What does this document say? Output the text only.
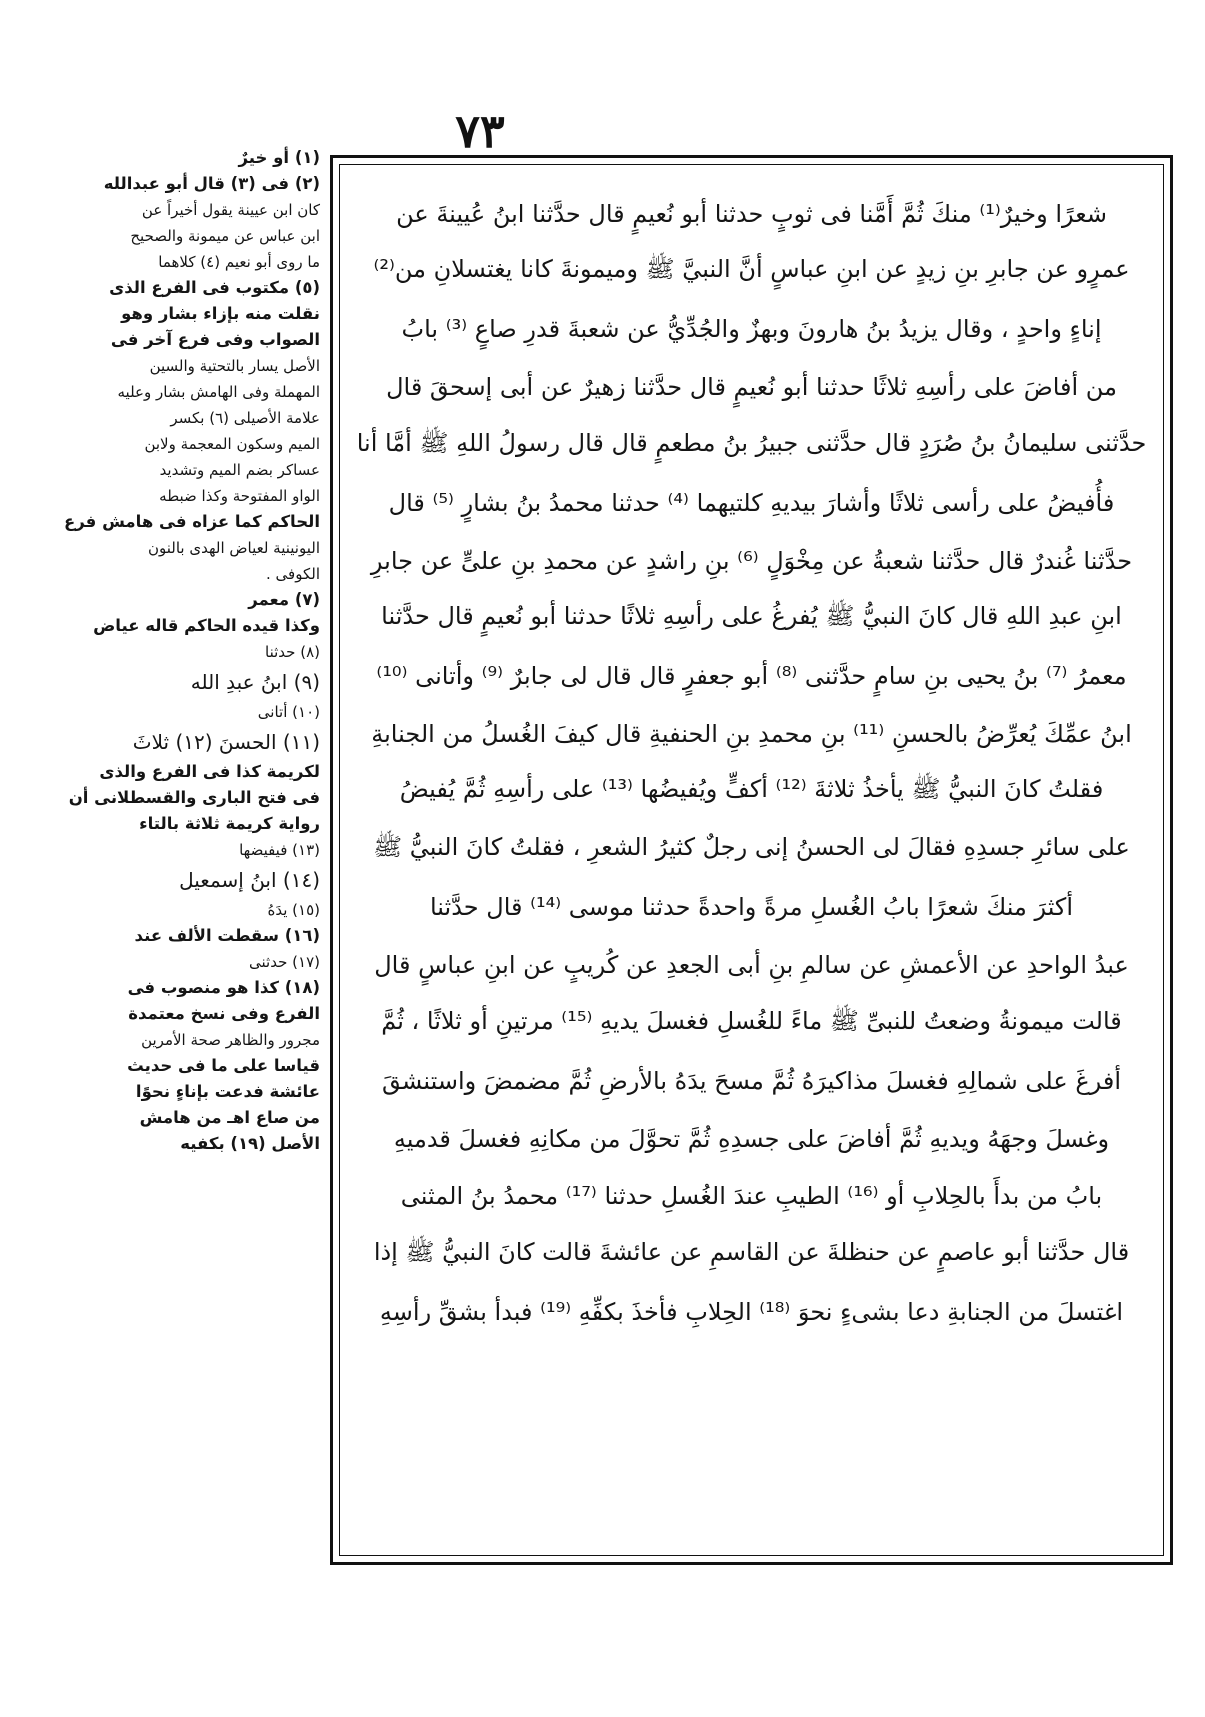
٧٣
شعرًا وخيرٌ⁽¹⁾ منكَ ثُمَّ أَمَّنا فى ثوبٍ حدثنا أبو نُعيمٍ قال حدَّثنا ابنُ عُيينةَ عن
عمرٍو عن جابرِ بنِ زيدٍ عن ابنِ عباسٍ أنَّ النبيَّ ﷺ وميمونةَ كانا يغتسلانِ من⁽²⁾
إناءٍ واحدٍ ، وقال يزيدُ بنُ هارونَ وبهزٌ والجُدِّيُّ عن شعبةَ قدرِ صاعٍ ⁽³⁾ بابُ
من أفاضَ على رأسِهِ ثلاثًا حدثنا أبو نُعيمٍ قال حدَّثنا زهيرٌ عن أبى إسحقَ قال
حدَّثنى سليمانُ بنُ صُرَدٍ قال حدَّثنى جبيرُ بنُ مطعمٍ قال قال رسولُ اللهِ ﷺ أمَّا أنا
فأُفيضُ على رأسى ثلاثًا وأشارَ بيديهِ كلتيهما ⁽⁴⁾ حدثنا محمدُ بنُ بشارٍ ⁽⁵⁾ قال
حدَّثنا غُندرٌ قال حدَّثنا شعبةُ عن مِخْوَلٍ ⁽⁶⁾ بنِ راشدٍ عن محمدِ بنِ علىٍّ عن جابرِ
ابنِ عبدِ اللهِ قال كانَ النبيُّ ﷺ يُفرغُ على رأسِهِ ثلاثًا حدثنا أبو نُعيمٍ قال حدَّثنا
معمرُ ⁽⁷⁾ بنُ يحيى بنِ سامٍ حدَّثنى ⁽⁸⁾ أبو جعفرٍ قال قال لى جابرٌ ⁽⁹⁾ وأتانى ⁽¹⁰⁾
ابنُ عمِّكَ يُعرِّضُ بالحسنِ ⁽¹¹⁾ بنِ محمدِ بنِ الحنفيةِ قال كيفَ الغُسلُ من الجنابةِ
فقلتُ كانَ النبيُّ ﷺ يأخذُ ثلاثةَ ⁽¹²⁾ أكفٍّ ويُفيضُها ⁽¹³⁾ على رأسِهِ ثُمَّ يُفيضُ
على سائرِ جسدِهِ فقالَ لى الحسنُ إنى رجلٌ كثيرُ الشعرِ ، فقلتُ كانَ النبيُّ ﷺ
أكثرَ منكَ شعرًا بابُ الغُسلِ مرةً واحدةً حدثنا موسى ⁽¹⁴⁾ قال حدَّثنا
عبدُ الواحدِ عن الأعمشِ عن سالمِ بنِ أبى الجعدِ عن كُريبٍ عن ابنِ عباسٍ قال
قالت ميمونةُ وضعتُ للنبىِّ ﷺ ماءً للغُسلِ فغسلَ يديهِ ⁽¹⁵⁾ مرتينِ أو ثلاثًا ، ثُمَّ
أفرغَ على شمالِهِ فغسلَ مذاكيرَهُ ثُمَّ مسحَ يدَهُ بالأرضِ ثُمَّ مضمضَ واستنشقَ
وغسلَ وجهَهُ ويديهِ ثُمَّ أفاضَ على جسدِهِ ثُمَّ تحوَّلَ من مكانِهِ فغسلَ قدميهِ
بابُ من بدأَ بالحِلابِ أو ⁽¹⁶⁾ الطيبِ عندَ الغُسلِ حدثنا ⁽¹⁷⁾ محمدُ بنُ المثنى
قال حدَّثنا أبو عاصمٍ عن حنظلةَ عن القاسمِ عن عائشةَ قالت كانَ النبيُّ ﷺ إذا
اغتسلَ من الجنابةِ دعا بشىءٍ نحوَ ⁽¹⁸⁾ الحِلابِ فأخذَ بكفِّهِ ⁽¹⁹⁾ فبدأ بشقِّ رأسِهِ
(١) أو خيرٌ
(٢) فى (٣) قال أبو عبدالله
كان ابن عيينة يقول أخيراً عن
ابن عباس عن ميمونة والصحيح
ما روى أبو نعيم (٤) كلاهما
(٥) مكتوب فى الفرع الذى
نقلت منه بإزاء بشار وهو
الصواب وفى فرع آخر فى
الأصل يسار بالتحتية والسين
المهملة وفى الهامش بشار وعليه
علامة الأصيلى (٦) بكسر
الميم وسكون المعجمة ولابن
عساكر بضم الميم وتشديد
الواو المفتوحة وكذا ضبطه
الحاكم كما عزاه فى هامش فرع
اليونينية لعياض الهدى بالنون
الكوفى .
(٧) معمر
وكذا قيده الحاكم قاله عياض
(٨) حدثنا
(٩) ابنُ عبدِ الله
(١٠) أتانى
(١١) الحسنَ (١٢) ثلاثَ
لكريمة كذا فى الفرع والذى
فى فتح البارى والقسطلانى أن
رواية كريمة ثلاثة بالتاء
(١٣) فيفيضها
(١٤) ابنُ إسمعيل
(١٥) يدَهُ
(١٦) سقطت الألف عند
(١٧) حدثنى
(١٨) كذا هو منصوب فى
الفرع وفى نسخ معتمدة
مجرور والظاهر صحة الأمرين
قياسا على ما فى حديث
عائشة فدعت بإناءٍ نحوًا
من صاع اهـ من هامش
الأصل (١٩) بكفيه
